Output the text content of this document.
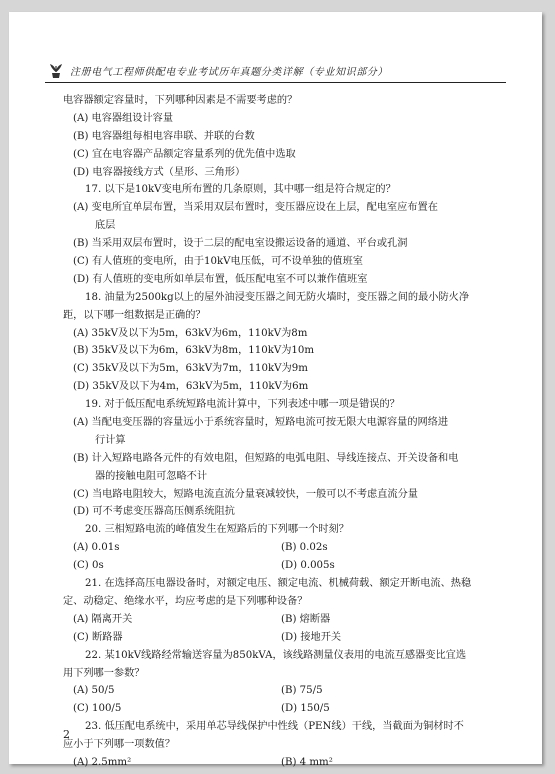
注册电气工程师供配电专业考试历年真题分类详解（专业知识部分）
电容器额定容量时，下列哪种因素是不需要考虑的？
(A) 电容器组设计容量
(B) 电容器组每相电容串联、并联的台数
(C) 宜在电容器产品额定容量系列的优先值中选取
(D) 电容器接线方式（星形、三角形）
17. 以下是10kV变电所布置的几条原则，其中哪一组是符合规定的？
(A) 变电所宜单层布置，当采用双层布置时，变压器应设在上层，配电室应布置在
底层
(B) 当采用双层布置时，设于二层的配电室设搬运设备的通道、平台或孔洞
(C) 有人值班的变电所，由于10kV电压低，可不设单独的值班室
(D) 有人值班的变电所如单层布置，低压配电室不可以兼作值班室
18. 油量为2500kg以上的屋外油浸变压器之间无防火墙时，变压器之间的最小防火净
距，以下哪一组数据是正确的？
(A) 35kV及以下为5m，63kV为6m，110kV为8m
(B) 35kV及以下为6m，63kV为8m，110kV为10m
(C) 35kV及以下为5m，63kV为7m，110kV为9m
(D) 35kV及以下为4m，63kV为5m，110kV为6m
19. 对于低压配电系统短路电流计算中，下列表述中哪一项是错误的？
(A) 当配电变压器的容量远小于系统容量时，短路电流可按无限大电源容量的网络进
行计算
(B) 计入短路电路各元件的有效电阻，但短路的电弧电阻、导线连接点、开关设备和电
器的接触电阻可忽略不计
(C) 当电路电阻较大，短路电流直流分量衰减较快，一般可以不考虑直流分量
(D) 可不考虑变压器高压侧系统阻抗
20. 三相短路电流的峰值发生在短路后的下列哪一个时刻？
(A) 0.01s	(B) 0.02s
(C) 0s	(D) 0.005s
21. 在选择高压电器设备时，对额定电压、额定电流、机械荷载、额定开断电流、热稳
定、动稳定、绝缘水平，均应考虑的是下列哪种设备？
(A) 隔离开关	(B) 熔断器
(C) 断路器	(D) 接地开关
22. 某10kV线路经常输送容量为850kVA，该线路测量仪表用的电流互感器变比宜选
用下列哪一参数？
(A) 50/5	(B) 75/5
(C) 100/5	(D) 150/5
23. 低压配电系统中，采用单芯导线保护中性线（PEN线）干线，当截面为铜材时不
应小于下列哪一项数值？
(A) 2.5mm²	(B) 4 mm²
2
